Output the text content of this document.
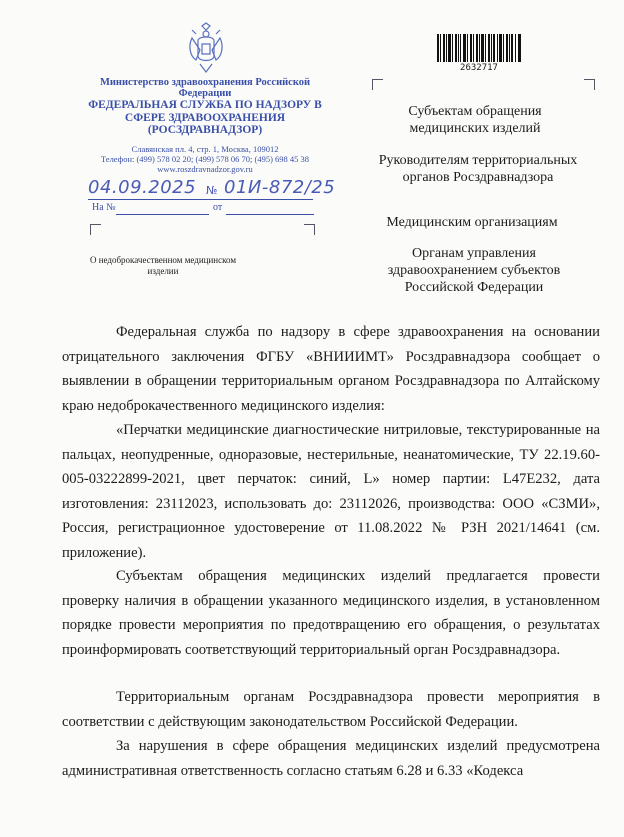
Министерство здравоохранения Российской Федерации
ФЕДЕРАЛЬНАЯ СЛУЖБА ПО НАДЗОРУ В СФЕРЕ ЗДРАВООХРАНЕНИЯ (РОСЗДРАВНАДЗОР)
Славянская пл. 4, стр. 1, Москва, 109012
Телефон: (499) 578 02 20; (499) 578 06 70; (495) 698 45 38
www.roszdravnadzor.gov.ru
04.09.2025 № 01И-872/25
На №	от
О недоброкачественном медицинском изделии
2632717
Субъектам обращения медицинских изделий
Руководителям территориальных органов Росздравнадзора
Медицинским организациям
Органам управления здравоохранением субъектов Российской Федерации
Федеральная служба по надзору в сфере здравоохранения на основании отрицательного заключения ФГБУ «ВНИИИМТ» Росздравнадзора сообщает о выявлении в обращении территориальным органом Росздравнадзора по Алтайскому краю недоброкачественного медицинского изделия:
«Перчатки медицинские диагностические нитриловые, текстурированные на пальцах, неопудренные, одноразовые, нестерильные, неанатомические, ТУ 22.19.60-005-03222899-2021, цвет перчаток: синий, L» номер партии: L47E232, дата изготовления: 23112023, использовать до: 23112026, производства: ООО «СЗМИ», Россия, регистрационное удостоверение от 11.08.2022 № РЗН 2021/14641 (см. приложение).
Субъектам обращения медицинских изделий предлагается провести проверку наличия в обращении указанного медицинского изделия, в установленном порядке провести мероприятия по предотвращению его обращения, о результатах проинформировать соответствующий территориальный орган Росздравнадзора.
Территориальным органам Росздравнадзора провести мероприятия в соответствии с действующим законодательством Российской Федерации.
За нарушения в сфере обращения медицинских изделий предусмотрена административная ответственность согласно статьям 6.28 и 6.33 «Кодекса
